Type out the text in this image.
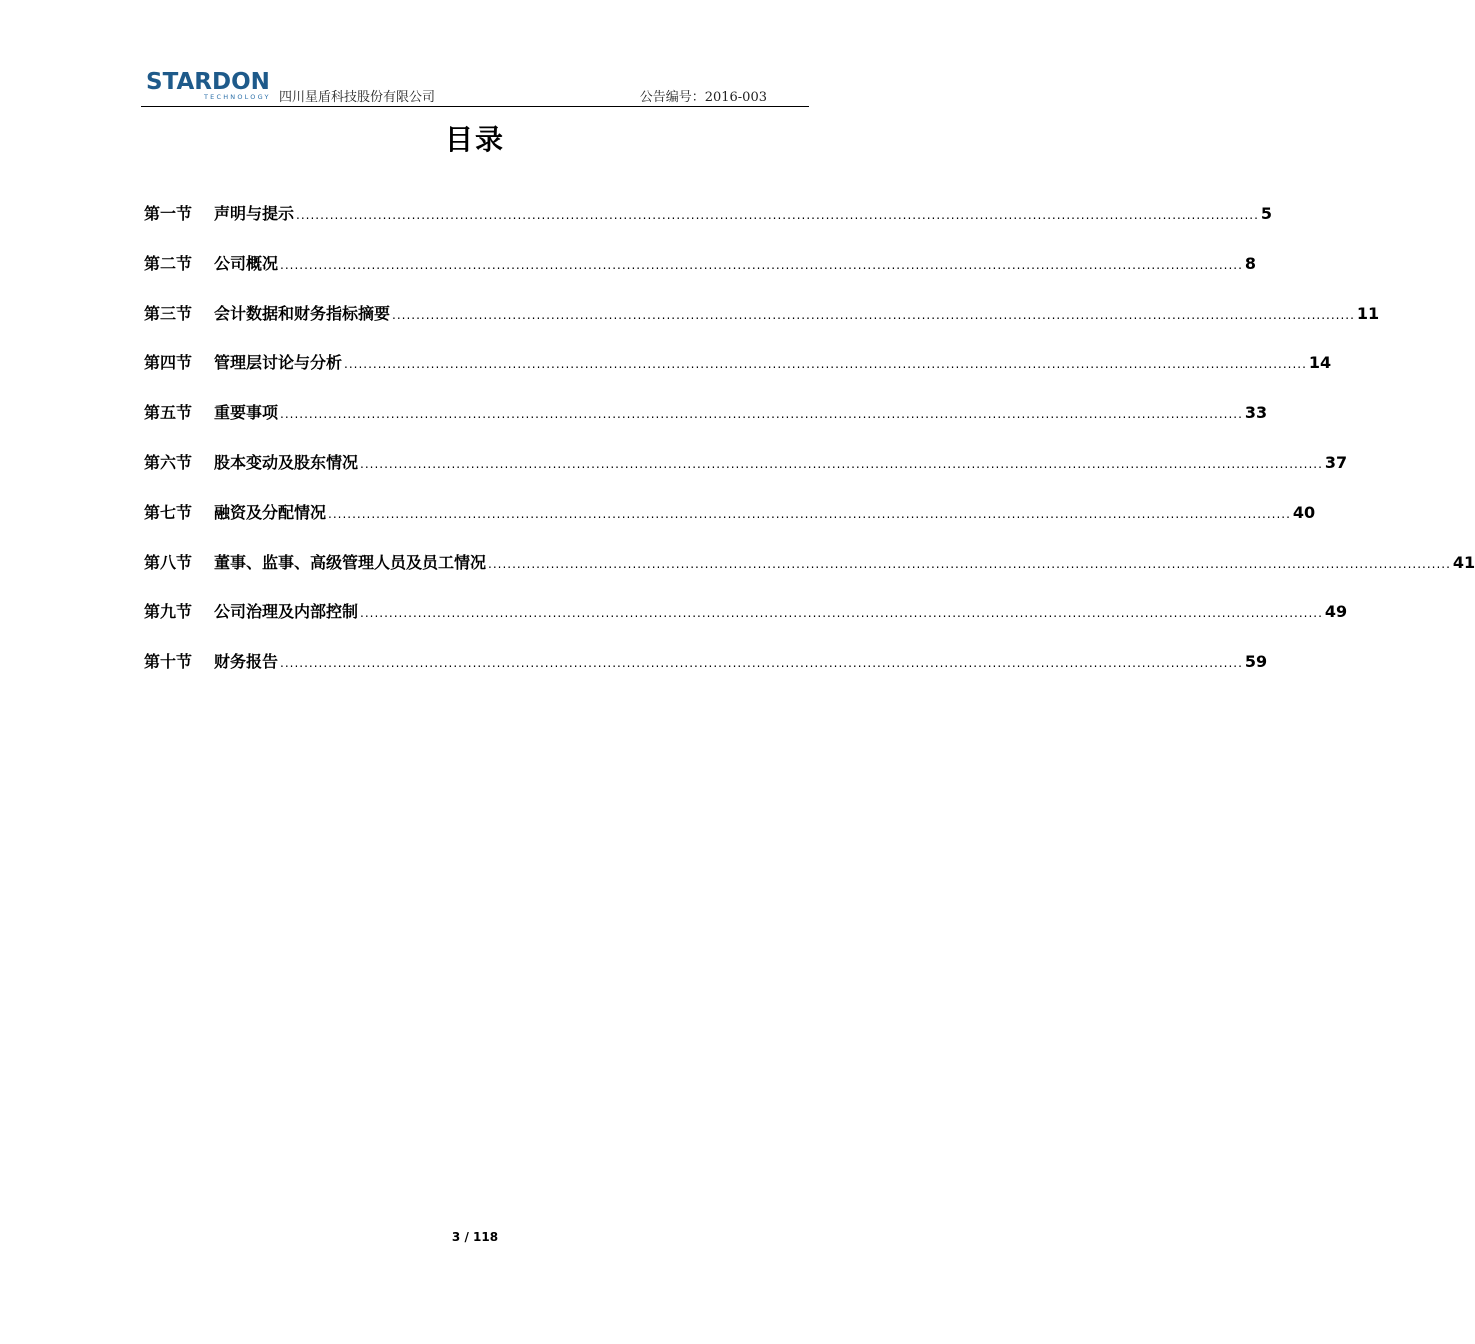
STARDON
TECHNOLOGY 四川星盾科技股份有限公司	公告编号：2016-003
目录
第一节	声明与提示 ........................................................................................................................................................................................................ 5
第二节	公司概况 ........................................................................................................................................................................................................ 8
第三节	会计数据和财务指标摘要 ........................................................................................................................................................................................................ 11
第四节	管理层讨论与分析 ........................................................................................................................................................................................................ 14
第五节	重要事项 ........................................................................................................................................................................................................ 33
第六节	股本变动及股东情况 ........................................................................................................................................................................................................ 37
第七节	融资及分配情况 ........................................................................................................................................................................................................ 40
第八节	董事、监事、高级管理人员及员工情况 ........................................................................................................................................................................................................ 41
第九节	公司治理及内部控制 ........................................................................................................................................................................................................ 49
第十节	财务报告 ........................................................................................................................................................................................................ 59
3 / 118
